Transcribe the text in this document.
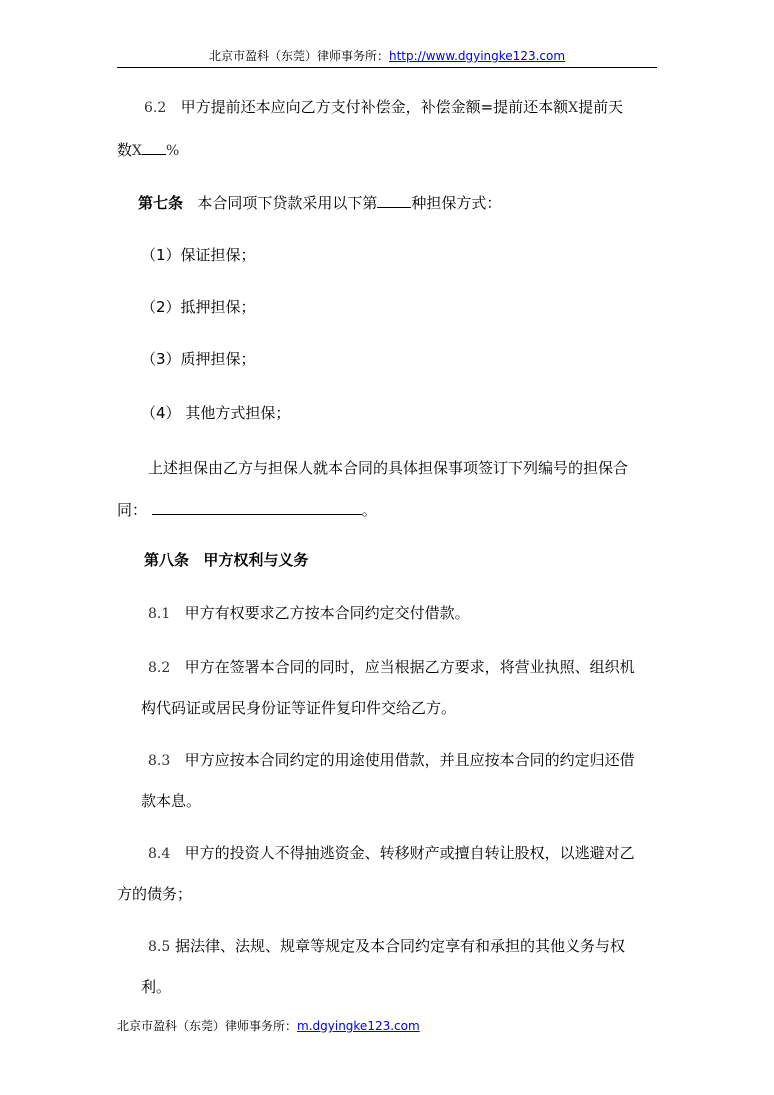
北京市盈科（东莞）律师事务所：http://www.dgyingke123.com
6.2 甲方提前还本应向乙方支付补偿金，补偿金额=提前还本额X提前天
数X %
第七条 本合同项下贷款采用以下第 种担保方式：
（1）保证担保；
（2）抵押担保；
（3）质押担保；
（4） 其他方式担保；
上述担保由乙方与担保人就本合同的具体担保事项签订下列编号的担保合
同：	。
第八条 甲方权利与义务
8.1 甲方有权要求乙方按本合同约定交付借款。
8.2 甲方在签署本合同的同时，应当根据乙方要求，将营业执照、组织机
构代码证或居民身份证等证件复印件交给乙方。
8.3 甲方应按本合同约定的用途使用借款，并且应按本合同的约定归还借
款本息。
8.4 甲方的投资人不得抽逃资金、转移财产或擅自转让股权，以逃避对乙
方的债务；
8.5 据法律、法规、规章等规定及本合同约定享有和承担的其他义务与权
利。
北京市盈科（东莞）律师事务所：m.dgyingke123.com
